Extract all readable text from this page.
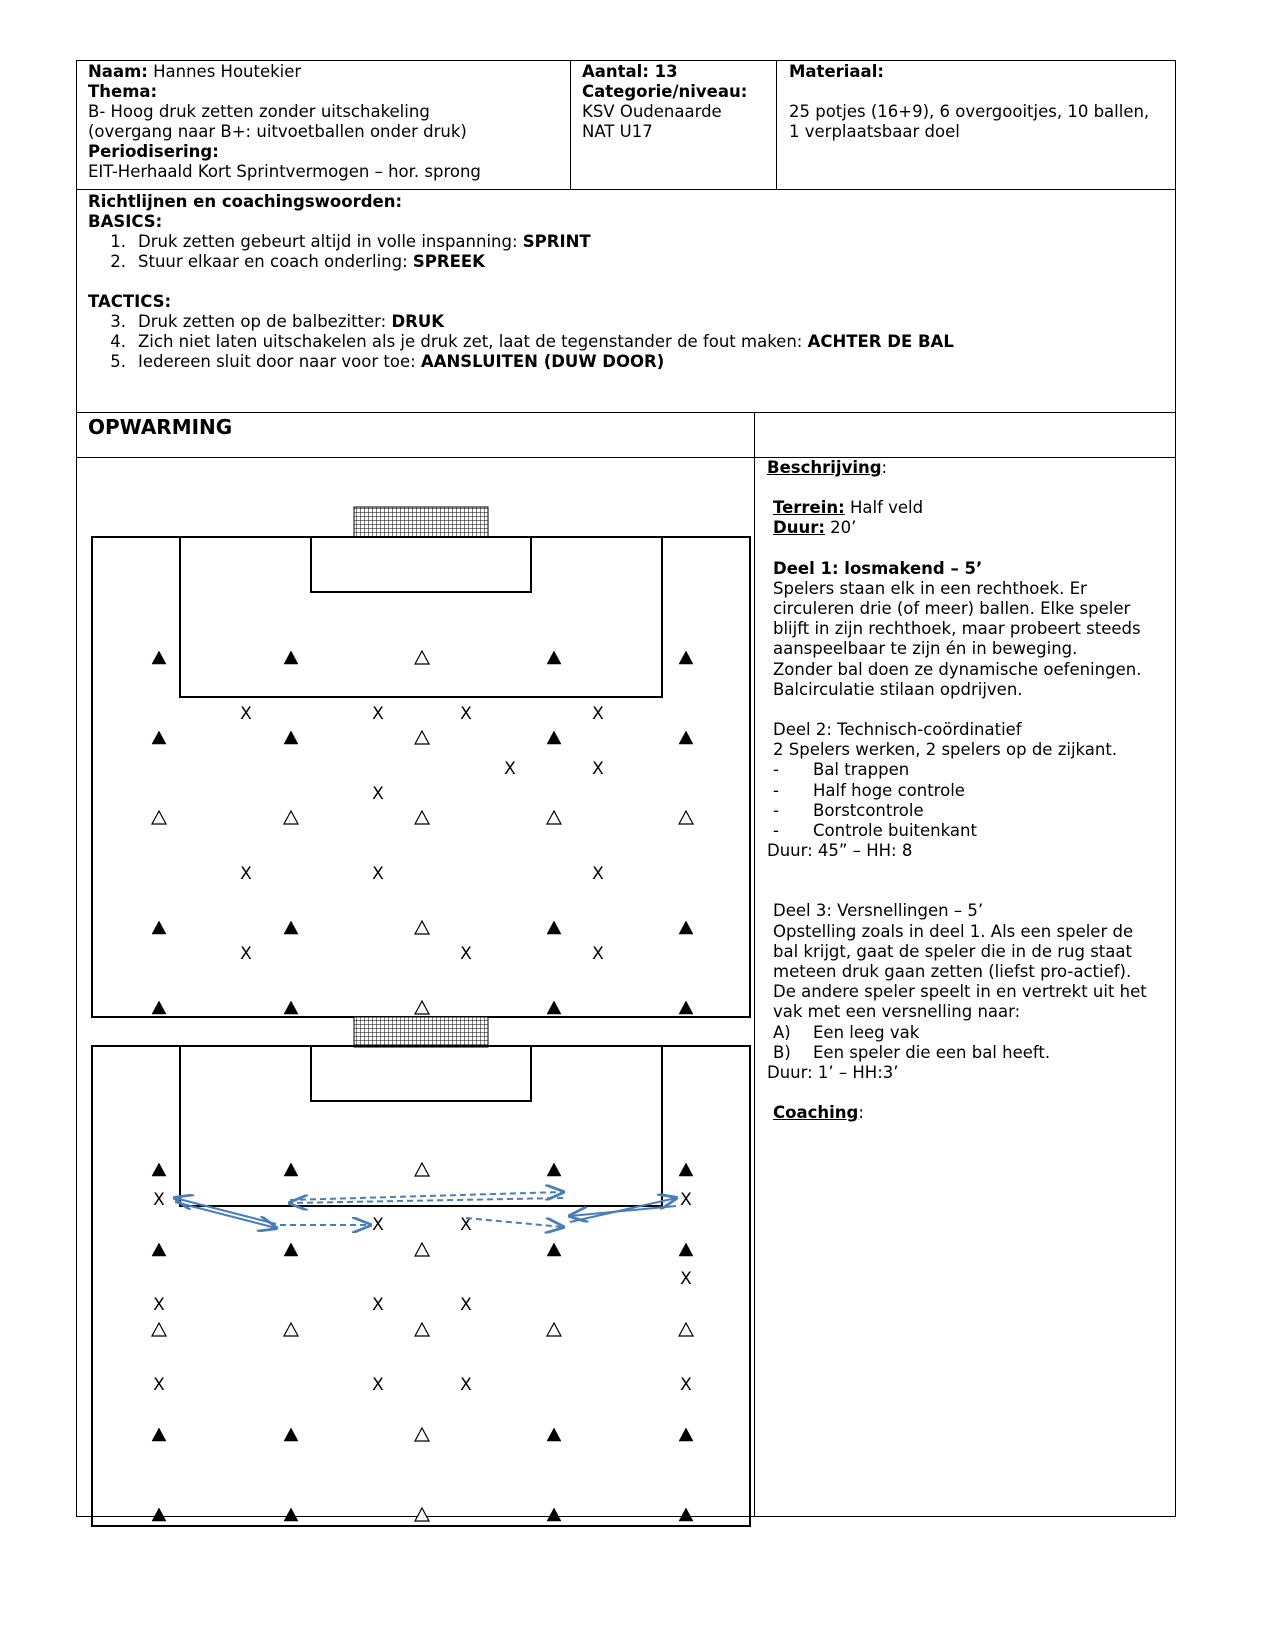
Naam: Hannes Houtekier
Thema:
B- Hoog druk zetten zonder uitschakeling
(overgang naar B+: uitvoetballen onder druk)
Periodisering:
EIT-Herhaald Kort Sprintvermogen – hor. sprong
Aantal: 13
Categorie/niveau:
KSV Oudenaarde
NAT U17
Materiaal:
25 potjes (16+9), 6 overgooitjes, 10 ballen,
1 verplaatsbaar doel
Richtlijnen en coachingswoorden:
BASICS:
1. Druk zetten gebeurt altijd in volle inspanning: SPRINT
2. Stuur elkaar en coach onderling: SPREEK
TACTICS:
3. Druk zetten op de balbezitter: DRUK
4. Zich niet laten uitschakelen als je druk zet, laat de tegenstander de fout maken: ACHTER DE BAL
5. Iedereen sluit door naar voor toe: AANSLUITEN (DUW DOOR)
OPWARMING
Beschrijving:
Terrein: Half veld
Duur: 20’
Deel 1: losmakend – 5’
Spelers staan elk in een rechthoek. Er
circuleren drie (of meer) ballen. Elke speler
blijft in zijn rechthoek, maar probeert steeds
aanspeelbaar te zijn én in beweging.
Zonder bal doen ze dynamische oefeningen.
Balcirculatie stilaan opdrijven.
Deel 2: Technisch-coördinatief
2 Spelers werken, 2 spelers op de zijkant.
- Bal trappen
- Half hoge controle
- Borstcontrole
- Controle buitenkant
Duur: 45” – HH: 8
Deel 3: Versnellingen – 5’
Opstelling zoals in deel 1. Als een speler de
bal krijgt, gaat de speler die in de rug staat
meteen druk gaan zetten (liefst pro-actief).
De andere speler speelt in en vertrekt uit het
vak met een versnelling naar:
A) Een leeg vak
B) Een speler die een bal heeft.
Duur: 1’ – HH:3’
Coaching:
X	X	X	X
X	X
X
X	X	X
X	X	X
X	X
X	X
X
X	X	X
X	X	X	X
